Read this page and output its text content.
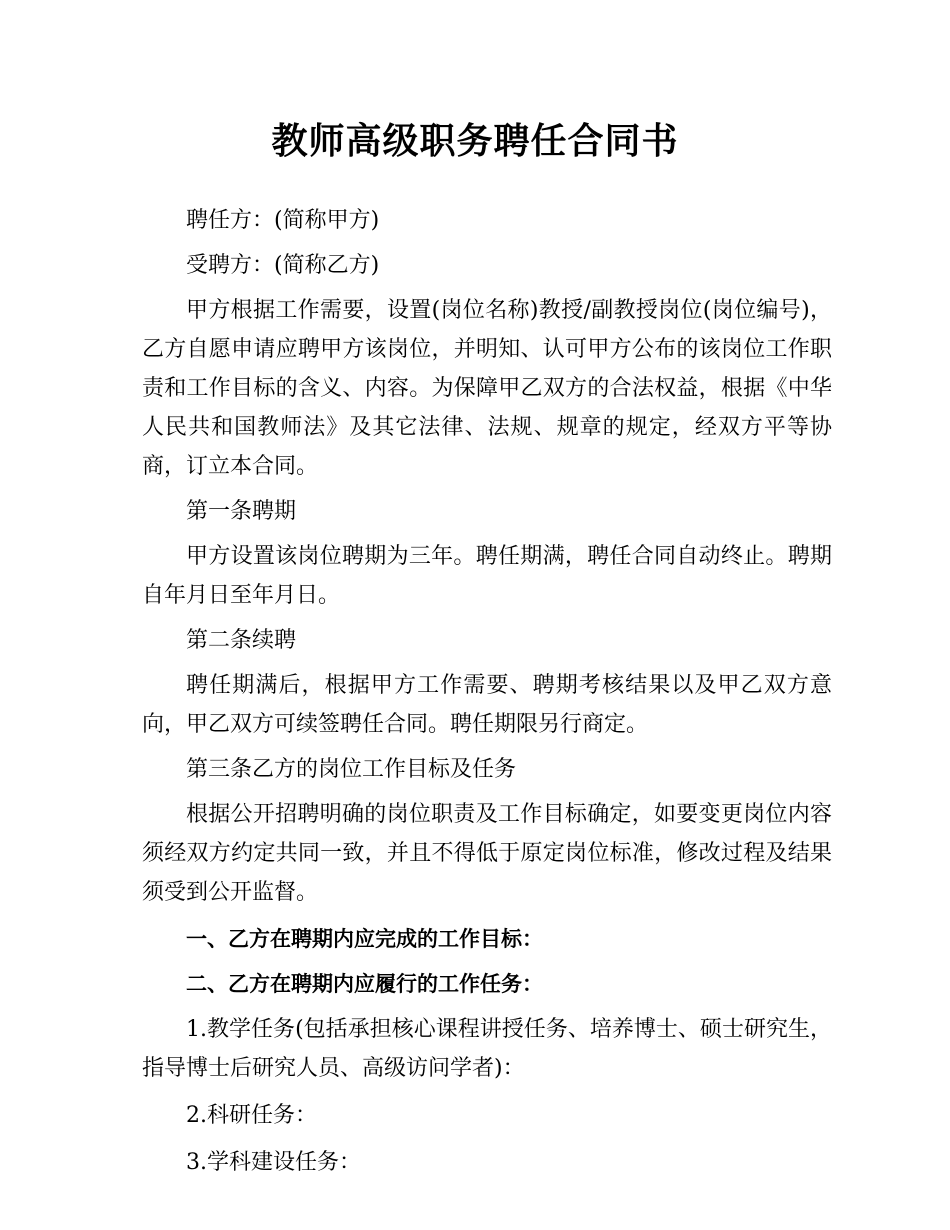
教师高级职务聘任合同书

聘任方：(简称甲方)

受聘方：(简称乙方)

甲方根据工作需要，设置(岗位名称)教授/副教授岗位(岗位编号)，乙方自愿申请应聘甲方该岗位，并明知、认可甲方公布的该岗位工作职责和工作目标的含义、内容。为保障甲乙双方的合法权益，根据《中华人民共和国教师法》及其它法律、法规、规章的规定，经双方平等协商，订立本合同。

第一条聘期

甲方设置该岗位聘期为三年。聘任期满，聘任合同自动终止。聘期自年月日至年月日。

第二条续聘

聘任期满后，根据甲方工作需要、聘期考核结果以及甲乙双方意向，甲乙双方可续签聘任合同。聘任期限另行商定。

第三条乙方的岗位工作目标及任务

根据公开招聘明确的岗位职责及工作目标确定，如要变更岗位内容须经双方约定共同一致，并且不得低于原定岗位标准，修改过程及结果须受到公开监督。

一、乙方在聘期内应完成的工作目标：

二、乙方在聘期内应履行的工作任务：

1.教学任务(包括承担核心课程讲授任务、培养博士、硕士研究生，指导博士后研究人员、高级访问学者)：

2.科研任务：

3.学科建设任务：
